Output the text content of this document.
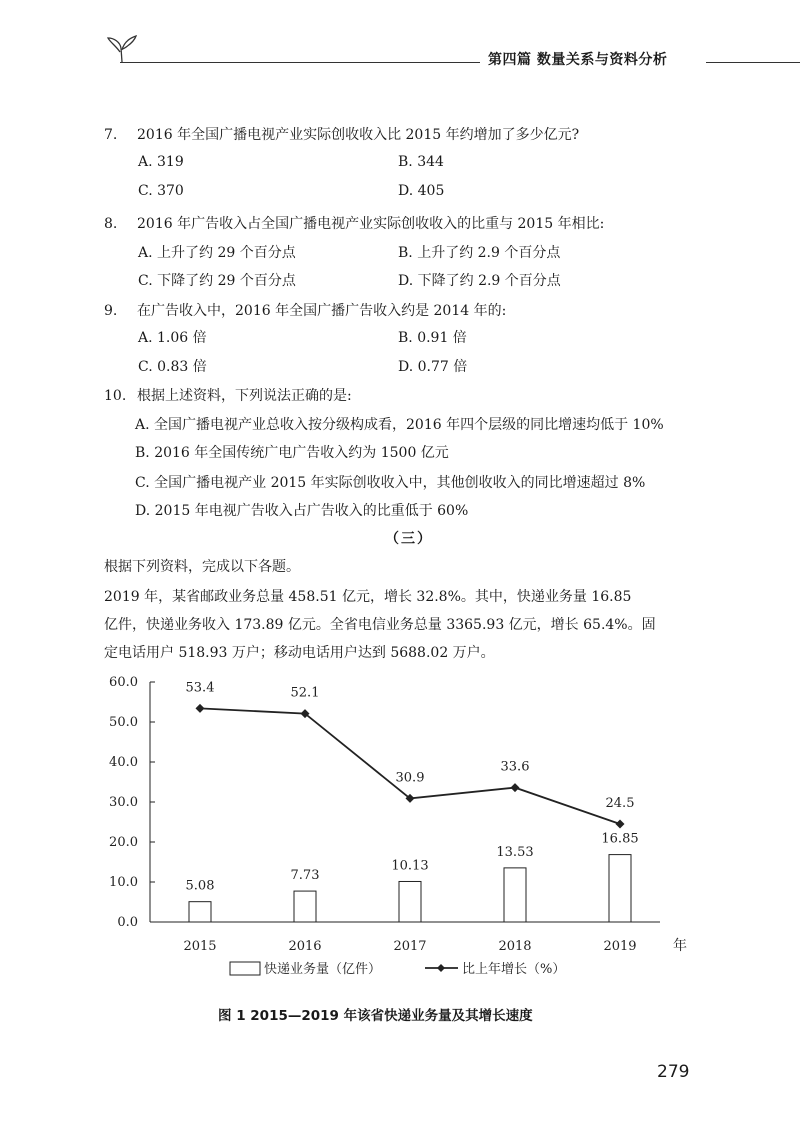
第四篇 数量关系与资料分析
7. 2016 年全国广播电视产业实际创收收入比 2015 年约增加了多少亿元?
A. 319	B. 344
C. 370	D. 405
8. 2016 年广告收入占全国广播电视产业实际创收收入的比重与 2015 年相比:
A. 上升了约 29 个百分点	B. 上升了约 2.9 个百分点
C. 下降了约 29 个百分点	D. 下降了约 2.9 个百分点
9. 在广告收入中，2016 年全国广播广告收入约是 2014 年的:
A. 1.06 倍	B. 0.91 倍
C. 0.83 倍	D. 0.77 倍
10. 根据上述资料，下列说法正确的是:
A. 全国广播电视产业总收入按分级构成看，2016 年四个层级的同比增速均低于 10%
B. 2016 年全国传统广电广告收入约为 1500 亿元
C. 全国广播电视产业 2015 年实际创收收入中，其他创收收入的同比增速超过 8%
D. 2015 年电视广告收入占广告收入的比重低于 60%
（三）
根据下列资料，完成以下各题。
2019 年，某省邮政业务总量 458.51 亿元，增长 32.8%。其中，快递业务量 16.85
亿件，快递业务收入 173.89 亿元。全省电信业务总量 3365.93 亿元，增长 65.4%。固
定电话用户 518.93 万户；移动电话用户达到 5688.02 万户。
0.0
10.0
20.0
30.0
40.0
50.0
60.0
2015	2016	2017	2018	2019	年
5.08
7.73
10.13
13.53
16.85
53.4	52.1
30.9
33.6
24.5
快递业务量（亿件）	比上年增长（%）
图 1 2015—2019 年该省快递业务量及其增长速度
279
